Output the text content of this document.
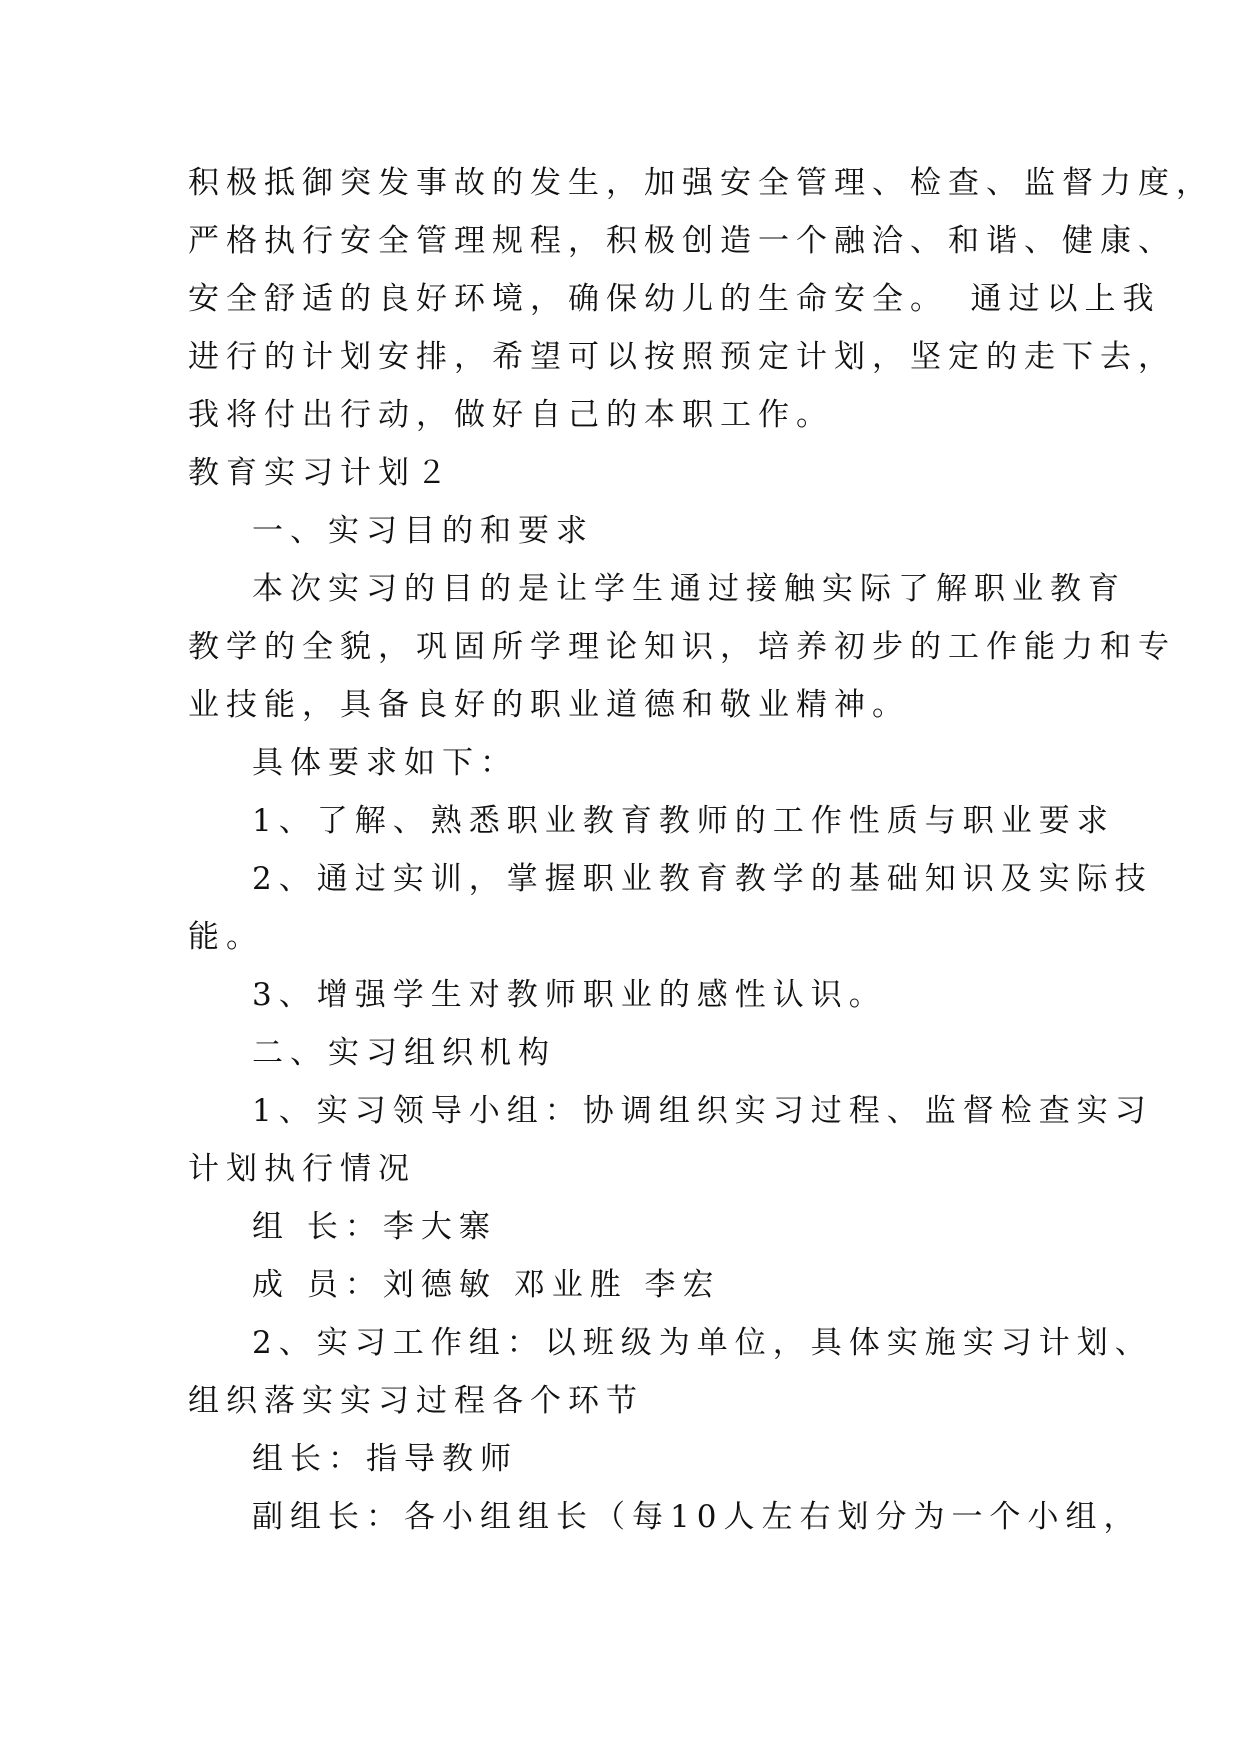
积极抵御突发事故的发生，加强安全管理、检查、监督力度，

严格执行安全管理规程，积极创造一个融洽、和谐、健康、

安全舒适的良好环境，确保幼儿的生命安全。　通过以上我

进行的计划安排，希望可以按照预定计划，坚定的走下去，

我将付出行动，做好自己的本职工作。

教育实习计划２

一、实习目的和要求

本次实习的目的是让学生通过接触实际了解职业教育

教学的全貌，巩固所学理论知识，培养初步的工作能力和专

业技能，具备良好的职业道德和敬业精神。

具体要求如下：

1、了解、熟悉职业教育教师的工作性质与职业要求

2、通过实训，掌握职业教育教学的基础知识及实际技

能。

3、增强学生对教师职业的感性认识。

二、实习组织机构

1、实习领导小组：协调组织实习过程、监督检查实习

计划执行情况

组 长：李大寨

成 员：刘德敏 邓业胜 李宏

2、实习工作组：以班级为单位，具体实施实习计划、

组织落实实习过程各个环节

组长：指导教师

副组长：各小组组长（每10人左右划分为一个小组，
